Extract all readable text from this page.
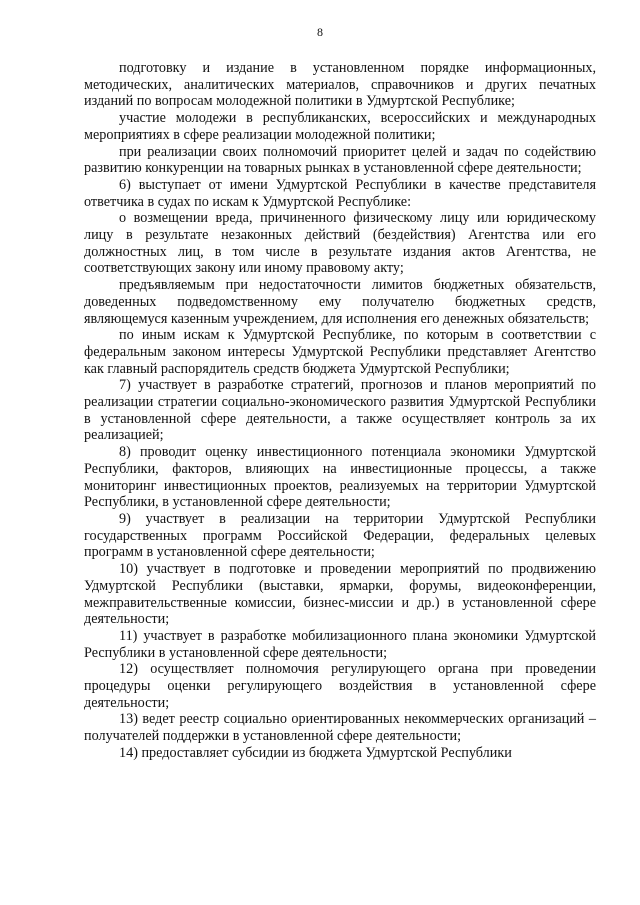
8

подготовку и издание в установленном порядке информационных, методических, аналитических материалов, справочников и других печатных изданий по вопросам молодежной политики в Удмуртской Республике;

участие молодежи в республиканских, всероссийских и международных мероприятиях в сфере реализации молодежной политики;

при реализации своих полномочий приоритет целей и задач по содействию развитию конкуренции на товарных рынках в установленной сфере деятельности;

6) выступает от имени Удмуртской Республики в качестве представителя ответчика в судах по искам к Удмуртской Республике:

о возмещении вреда, причиненного физическому лицу или юридическому лицу в результате незаконных действий (бездействия) Агентства или его должностных лиц, в том числе в результате издания актов Агентства, не соответствующих закону или иному правовому акту;

предъявляемым при недостаточности лимитов бюджетных обязательств, доведенных подведомственному ему получателю бюджетных средств, являющемуся казенным учреждением, для исполнения его денежных обязательств;

по иным искам к Удмуртской Республике, по которым в соответствии с федеральным законом интересы Удмуртской Республики представляет Агентство как главный распорядитель средств бюджета Удмуртской Республики;

7) участвует в разработке стратегий, прогнозов и планов мероприятий по реализации стратегии социально-экономического развития Удмуртской Республики в установленной сфере деятельности, а также осуществляет контроль за их реализацией;

8) проводит оценку инвестиционного потенциала экономики Удмуртской Республики, факторов, влияющих на инвестиционные процессы, а также мониторинг инвестиционных проектов, реализуемых на территории Удмуртской Республики, в установленной сфере деятельности;

9) участвует в реализации на территории Удмуртской Республики государственных программ Российской Федерации, федеральных целевых программ в установленной сфере деятельности;

10) участвует в подготовке и проведении мероприятий по продвижению Удмуртской Республики (выставки, ярмарки, форумы, видеоконференции, межправительственные комиссии, бизнес-миссии и др.) в установленной сфере деятельности;

11) участвует в разработке мобилизационного плана экономики Удмуртской Республики в установленной сфере деятельности;

12) осуществляет полномочия регулирующего органа при проведении процедуры оценки регулирующего воздействия в установленной сфере деятельности;

13) ведет реестр социально ориентированных некоммерческих организаций – получателей поддержки в установленной сфере деятельности;

14) предоставляет субсидии из бюджета Удмуртской Республики
